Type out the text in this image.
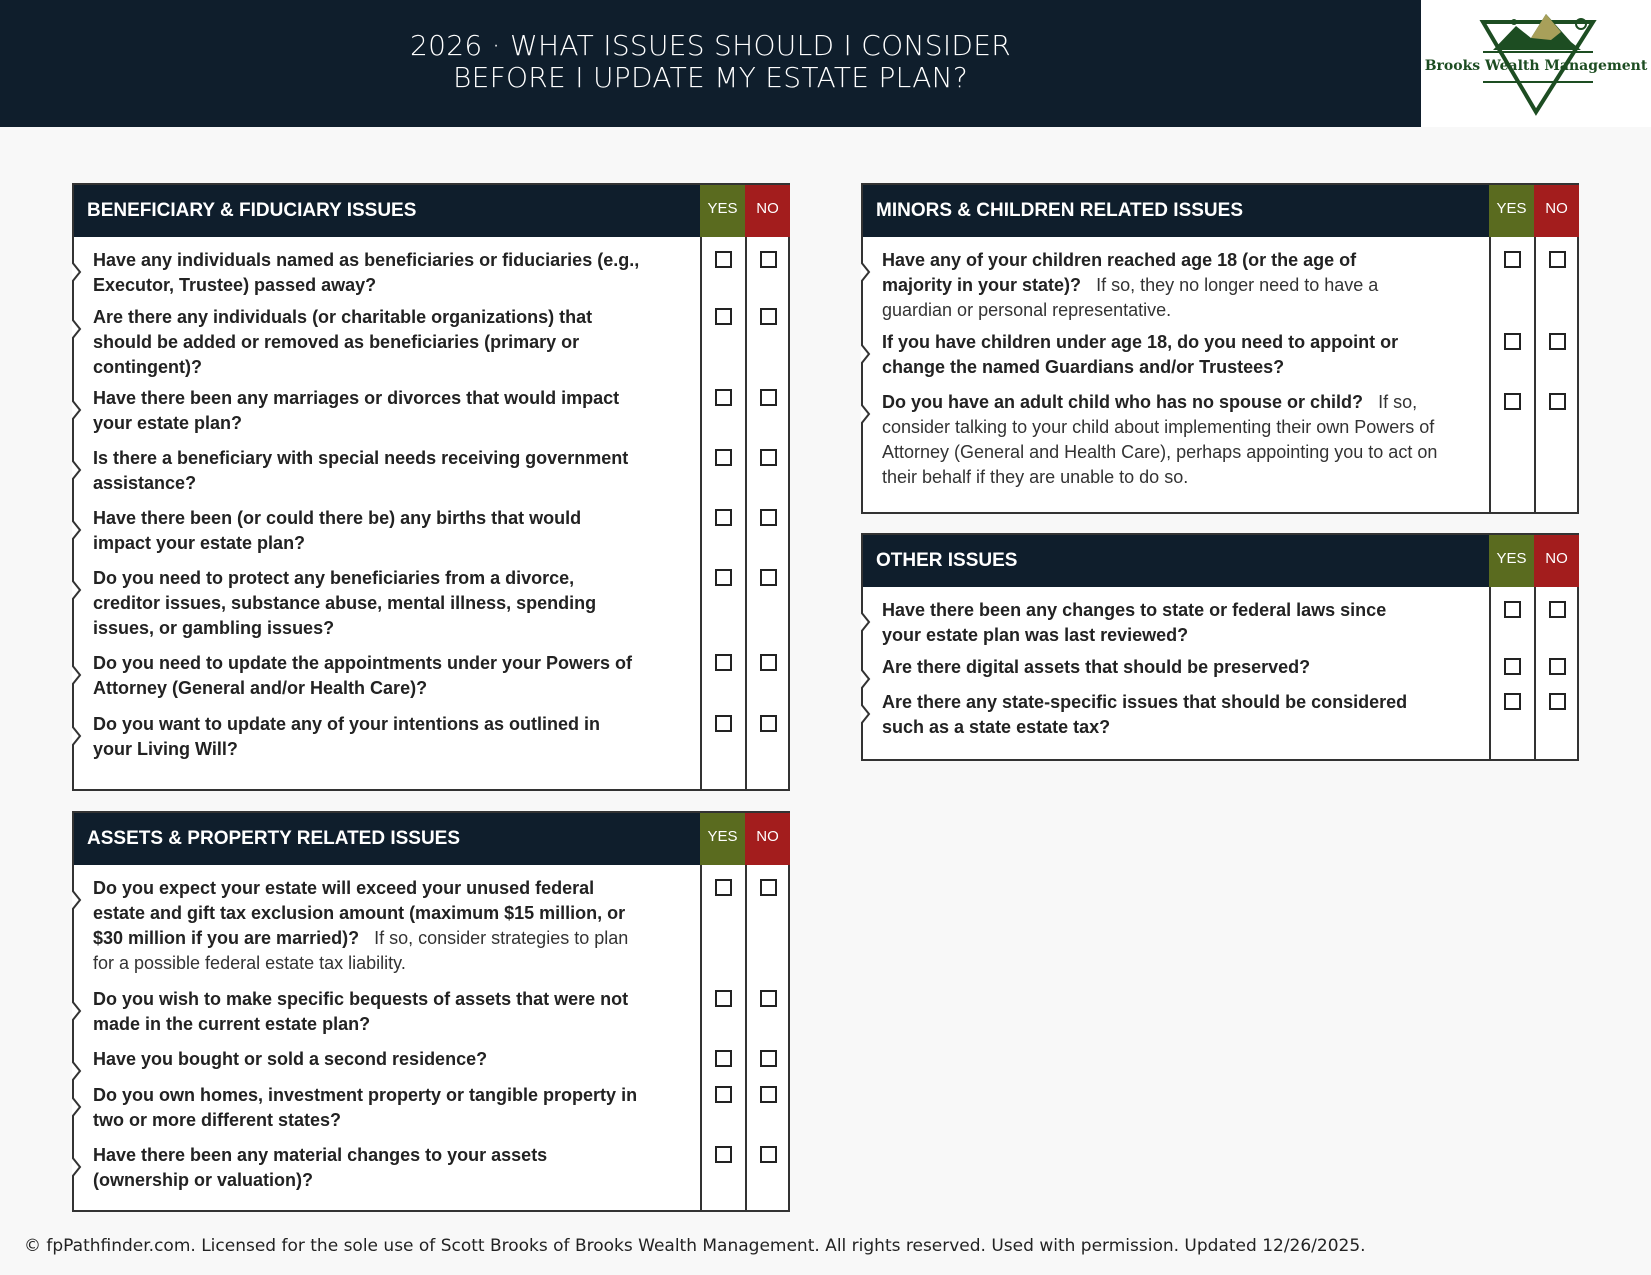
2026 · WHAT ISSUES SHOULD I CONSIDER
BEFORE I UPDATE MY ESTATE PLAN?	Brooks Wealth Management
BENEFICIARY & FIDUCIARY ISSUES	YES	NO
Have any individuals named as beneficiaries or fiduciaries (e.g., Executor, Trustee) passed away?
Are there any individuals (or charitable organizations) that should be added or removed as beneficiaries (primary or contingent)?
Have there been any marriages or divorces that would impact your estate plan?
Is there a beneficiary with special needs receiving government assistance?
Have there been (or could there be) any births that would impact your estate plan?
Do you need to protect any beneficiaries from a divorce, creditor issues, substance abuse, mental illness, spending issues, or gambling issues?
Do you need to update the appointments under your Powers of Attorney (General and/or Health Care)?
Do you want to update any of your intentions as outlined in your Living Will?
ASSETS & PROPERTY RELATED ISSUES	YES	NO
Do you expect your estate will exceed your unused federal estate and gift tax exclusion amount (maximum $15 million, or $30 million if you are married)? If so, consider strategies to plan for a possible federal estate tax liability.
Do you wish to make specific bequests of assets that were not made in the current estate plan?
Have you bought or sold a second residence?
Do you own homes, investment property or tangible property in two or more different states?
Have there been any material changes to your assets (ownership or valuation)?
MINORS & CHILDREN RELATED ISSUES	YES	NO
Have any of your children reached age 18 (or the age of majority in your state)? If so, they no longer need to have a guardian or personal representative.
If you have children under age 18, do you need to appoint or change the named Guardians and/or Trustees?
Do you have an adult child who has no spouse or child? If so, consider talking to your child about implementing their own Powers of Attorney (General and Health Care), perhaps appointing you to act on their behalf if they are unable to do so.
OTHER ISSUES	YES	NO
Have there been any changes to state or federal laws since your estate plan was last reviewed?
Are there digital assets that should be preserved?
Are there any state-specific issues that should be considered such as a state estate tax?
© fpPathfinder.com. Licensed for the sole use of Scott Brooks of Brooks Wealth Management. All rights reserved. Used with permission. Updated 12/26/2025.
